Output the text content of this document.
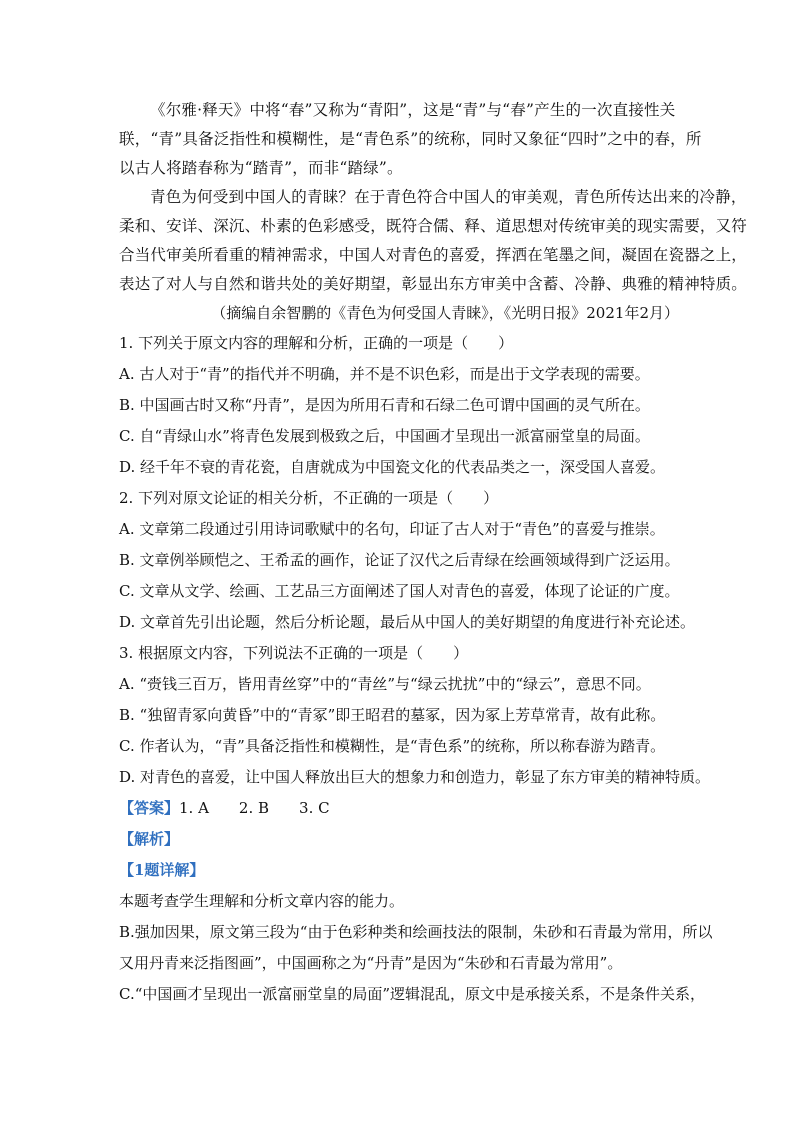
《尔雅·释天》中将“春”又称为“青阳”，这是“青”与“春”产生的一次直接性关
联，“青”具备泛指性和模糊性，是“青色系”的统称，同时又象征“四时”之中的春，所
以古人将踏春称为“踏青”，而非“踏绿”。
青色为何受到中国人的青睐？在于青色符合中国人的审美观，青色所传达出来的冷静，
柔和、安详、深沉、朴素的色彩感受，既符合儒、释、道思想对传统审美的现实需要，又符
合当代审美所看重的精神需求，中国人对青色的喜爱，挥洒在笔墨之间，凝固在瓷器之上，
表达了对人与自然和谐共处的美好期望，彰显出东方审美中含蓄、冷静、典雅的精神特质。

（摘编自余智鹏的《青色为何受国人青睐》，《光明日报》2021年2月）

1. 下列关于原文内容的理解和分析，正确的一项是（　　）
A. 古人对于“青”的指代并不明确，并不是不识色彩，而是出于文学表现的需要。
B. 中国画古时又称“丹青”，是因为所用石青和石绿二色可谓中国画的灵气所在。
C. 自“青绿山水”将青色发展到极致之后，中国画才呈现出一派富丽堂皇的局面。
D. 经千年不衰的青花瓷，自唐就成为中国瓷文化的代表品类之一，深受国人喜爱。
2. 下列对原文论证的相关分析，不正确的一项是（　　）
A. 文章第二段通过引用诗词歌赋中的名句，印证了古人对于“青色”的喜爱与推崇。
B. 文章例举顾恺之、王希孟的画作，论证了汉代之后青绿在绘画领域得到广泛运用。
C. 文章从文学、绘画、工艺品三方面阐述了国人对青色的喜爱，体现了论证的广度。
D. 文章首先引出论题，然后分析论题，最后从中国人的美好期望的角度进行补充论述。
3. 根据原文内容，下列说法不正确的一项是（　　）
A. “赍钱三百万，皆用青丝穿”中的“青丝”与“绿云扰扰”中的“绿云”，意思不同。
B. “独留青冢向黄昏”中的“青冢”即王昭君的墓冢，因为冢上芳草常青，故有此称。
C. 作者认为，“青”具备泛指性和模糊性，是“青色系”的统称，所以称春游为踏青。
D. 对青色的喜爱，让中国人释放出巨大的想象力和创造力，彰显了东方审美的精神特质。
【答案】1. A　　2. B　　3. C
【解析】
【1题详解】
本题考查学生理解和分析文章内容的能力。
B.强加因果，原文第三段为“由于色彩种类和绘画技法的限制，朱砂和石青最为常用，所以
又用丹青来泛指图画”，中国画称之为“丹青”是因为“朱砂和石青最为常用”。
C.“中国画才呈现出一派富丽堂皇的局面”逻辑混乱，原文中是承接关系，不是条件关系，
